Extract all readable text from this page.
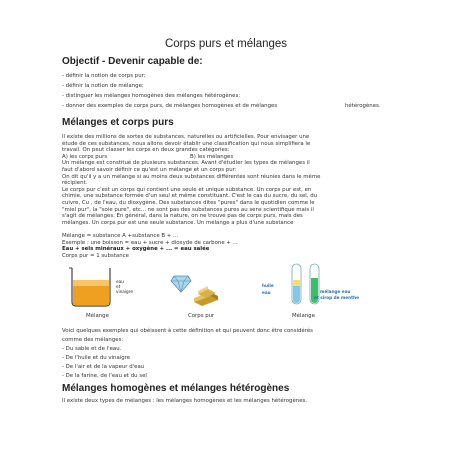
Corps purs et mélanges
Objectif - Devenir capable de:
- définir la notion de corps pur;
- définir la notion de mélange;
- distinguer les mélanges homogènes des mélanges hétérogènes;
- donner des exemples de corps purs, de mélanges homogènes et de mélanges	hétérogènes.
Mélanges et corps purs
Il existe des millions de sortes de substances, naturelles ou artificielles. Pour envisager une
étude de ces substances, nous allons devoir établir une classification qui nous simplifiera le
travail. On peut classer les corps en deux grandes catégories:
A) les corps purs	B) les mélanges
Un mélange est constitué de plusieurs substances. Avant d'étudier les types de mélanges il
faut d'abord savoir définir ce qu'est un mélange et un corps pur:
On dit qu'il y a un mélange si au moins deux substances différentes sont réunies dans le même
récipient.
Le corps pur c'est un corps qui contient une seule et unique substance. Un corps pur est, en
chimie, une substance formée d'un seul et même constituant. C'est le cas du sucre, du sel, du
cuivre, Cu , de l'eau, du dioxygène. Des substances dites "pures" dans le quotidien comme le
"miel pur", la "soie pure", etc... ne sont pas des substances pures au sens scientifique mais il
s'agit de mélanges. En général, dans la nature, on ne trouve pas de corps purs, mais des
mélanges. Un corps pur est une seule substance. Un mélange a plus d'une substance
Mélange = substance A +substance B + ...
Exemple : une boisson = eau + sucre + dioxyde de carbone + ...
Eau + sels minéraux + oxygène + ... = eau salée
Corps pur = 1 substance
eau
et
vinaigre
huile
eau	mélange eau
et sirop de menthe
Mélange	Corps pur	Mélange
Voici quelques exemples qui obéissent à cette définition et qui peuvent donc être considérés
comme des mélanges:
- Du sable et de l'eau.
- De l'huile et du vinaigre
- De l'air et de la vapeur d'eau
- De la farine, de l'eau et du sel
Mélanges homogènes et mélanges hétérogènes
Il existe deux types de mélanges : les mélanges homogènes et les mélanges hétérogènes.
